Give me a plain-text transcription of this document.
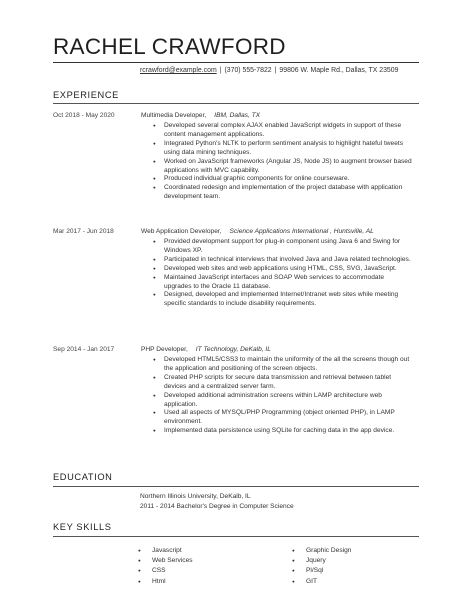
RACHEL CRAWFORD
rcrawford@example.com | (370) 555-7822 | 99806 W. Maple Rd., Dallas, TX 23509
EXPERIENCE
Oct 2018 - May 2020	Multimedia Developer, IBM, Dallas, TX
● Developed several complex AJAX enabled JavaScript widgets in support of these content management applications.
● Integrated Python's NLTK to perform sentiment analysis to highlight hateful tweets using data mining techniques.
● Worked on JavaScript frameworks (Angular JS, Node JS) to augment browser based applications with MVC capability.
● Produced individual graphic components for online courseware.
● Coordinated redesign and implementation of the project database with application development team.
Mar 2017 - Jun 2018	Web Application Developer, Science Applications International , Huntsville, AL
● Provided development support for plug-in component using Java 6 and Swing for Windows XP.
● Participated in technical interviews that involved Java and Java related technologies.
● Developed web sites and web applications using HTML, CSS, SVG, JavaScript.
● Maintained JavaScript interfaces and SOAP Web services to accommodate upgrades to the Oracle 11 database.
● Designed, developed and implemented Internet/Intranet web sites while meeting specific standards to include disability requirements.
Sep 2014 - Jan 2017	PHP Developer, IT Technology, DeKalb, IL
● Developed HTML5/CSS3 to maintain the uniformity of the all the screens though out the application and positioning of the screen objects.
● Created PHP scripts for secure data transmission and retrieval between tablet devices and a centralized server farm.
● Developed additional administration screens within LAMP architecture web application.
● Used all aspects of MYSQL/PHP Programming (object oriented PHP), in LAMP environment.
● Implemented data persistence using SQLite for caching data in the app device.
EDUCATION
Northern Illinois University, DeKalb, IL
2011 - 2014 Bachelor's Degree in Computer Science
KEY SKILLS
● Javascript
● Web Services
● CSS
● Html
● Graphic Design
● Jquery
● Pl/Sql
● GIT
